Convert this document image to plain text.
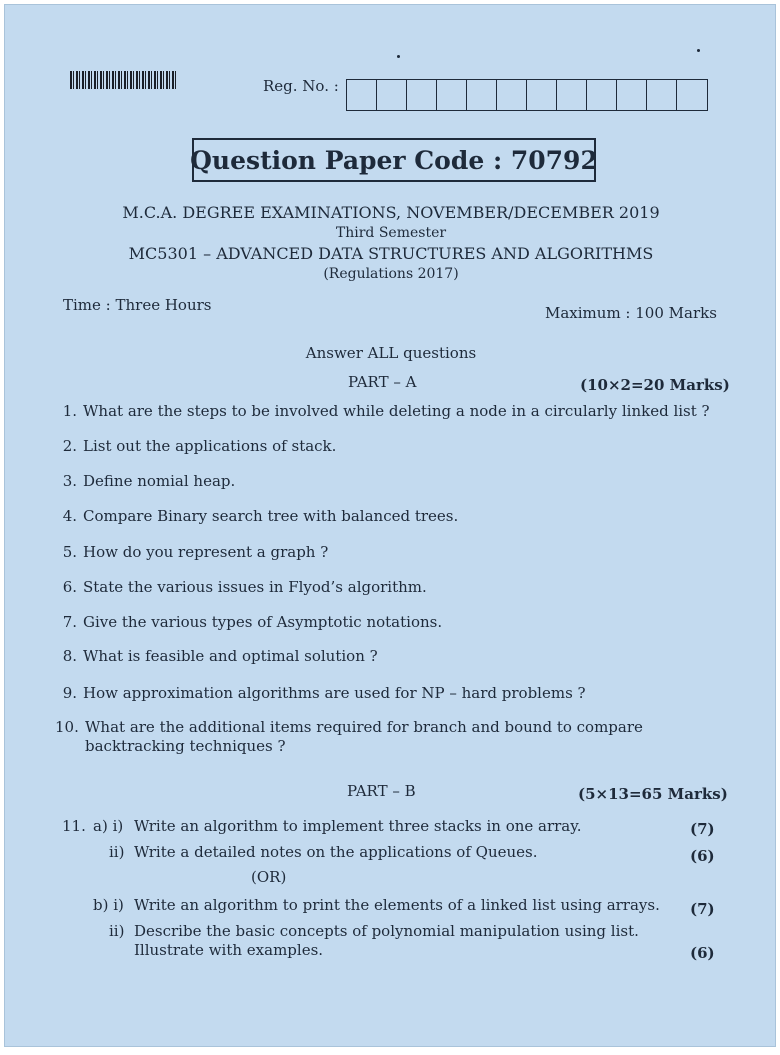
Reg. No. :
Question Paper Code : 70792
M.C.A. DEGREE EXAMINATIONS, NOVEMBER/DECEMBER 2019
Third Semester
MC5301 – ADVANCED DATA STRUCTURES AND ALGORITHMS
(Regulations 2017)
Time : Three Hours	Maximum : 100 Marks
Answer ALL questions
PART – A	(10×2=20 Marks)
1. What are the steps to be involved while deleting a node in a circularly linked list ?
2. List out the applications of stack.
3. Define nomial heap.
4. Compare Binary search tree with balanced trees.
5. How do you represent a graph ?
6. State the various issues in Flyod’s algorithm.
7. Give the various types of Asymptotic notations.
8. What is feasible and optimal solution ?
9. How approximation algorithms are used for NP – hard problems ?
10. What are the additional items required for branch and bound to compare backtracking techniques ?
PART – B	(5×13=65 Marks)
11. a) i) Write an algorithm to implement three stacks in one array.	(7)
ii) Write a detailed notes on the applications of Queues.	(6)
(OR)
b) i) Write an algorithm to print the elements of a linked list using arrays. (7)
ii) Describe the basic concepts of polynomial manipulation using list. Illustrate with examples.	(6)
